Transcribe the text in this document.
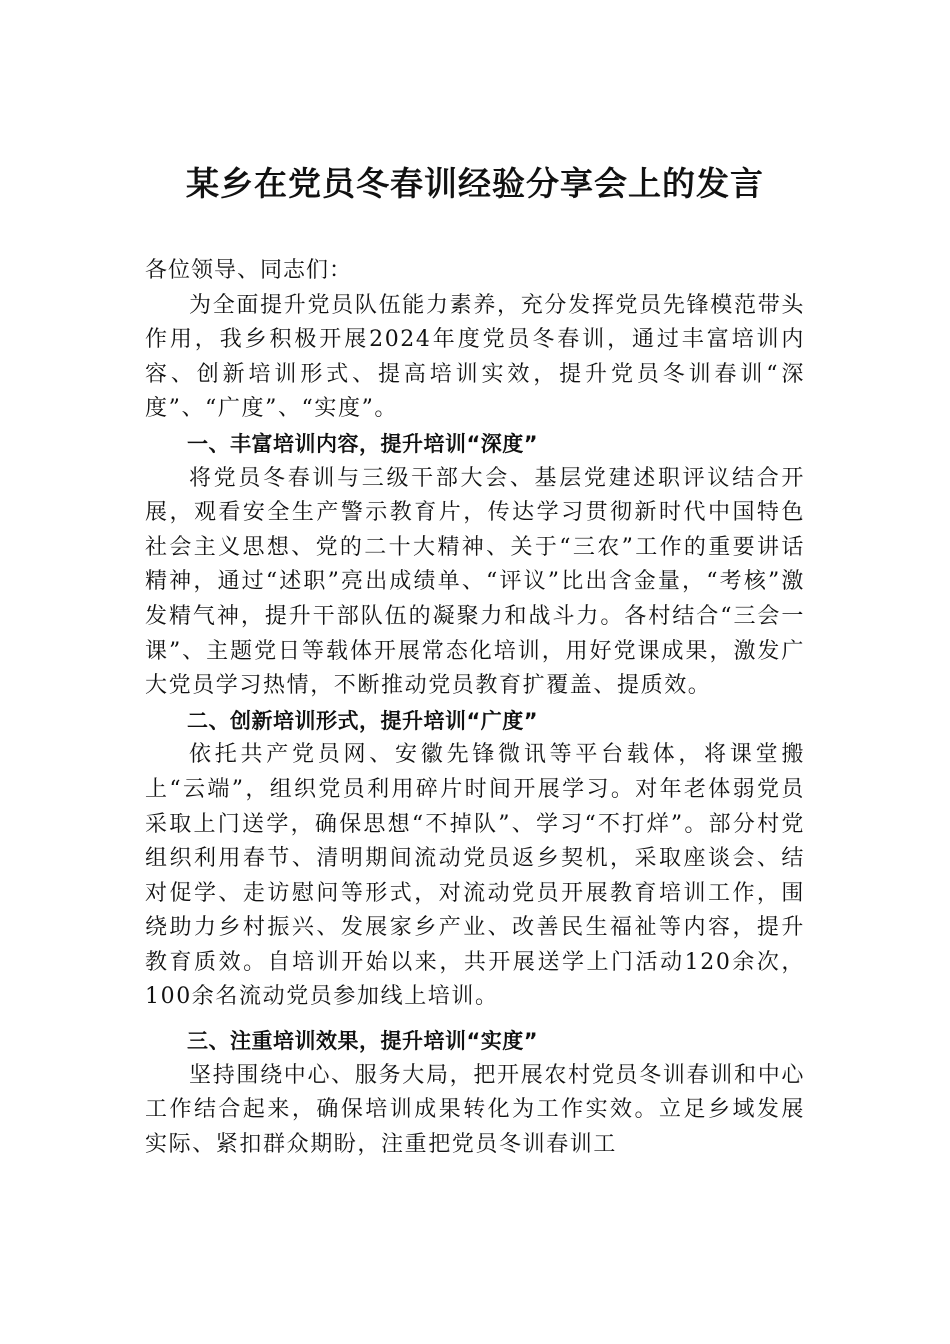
某乡在党员冬春训经验分享会上的发言

各位领导、同志们：

为全面提升党员队伍能力素养，充分发挥党员先锋模范带头作用，我乡积极开展2024年度党员冬春训，通过丰富培训内容、创新培训形式、提高培训实效，提升党员冬训春训“深度”、“广度”、“实度”。

一、丰富培训内容，提升培训“深度”

将党员冬春训与三级干部大会、基层党建述职评议结合开展，观看安全生产警示教育片，传达学习贯彻新时代中国特色社会主义思想、党的二十大精神、关于“三农”工作的重要讲话精神，通过“述职”亮出成绩单、“评议”比出含金量，“考核”激发精气神，提升干部队伍的凝聚力和战斗力。各村结合“三会一课”、主题党日等载体开展常态化培训，用好党课成果，激发广大党员学习热情，不断推动党员教育扩覆盖、提质效。

二、创新培训形式，提升培训“广度”

依托共产党员网、安徽先锋微讯等平台载体，将课堂搬上“云端”，组织党员利用碎片时间开展学习。对年老体弱党员采取上门送学，确保思想“不掉队”、学习“不打烊”。部分村党组织利用春节、清明期间流动党员返乡契机，采取座谈会、结对促学、走访慰问等形式，对流动党员开展教育培训工作，围绕助力乡村振兴、发展家乡产业、改善民生福祉等内容，提升教育质效。自培训开始以来，共开展送学上门活动120余次，100余名流动党员参加线上培训。

三、注重培训效果，提升培训“实度”

坚持围绕中心、服务大局，把开展农村党员冬训春训和中心工作结合起来，确保培训成果转化为工作实效。立足乡域发展实际、紧扣群众期盼，注重把党员冬训春训工
